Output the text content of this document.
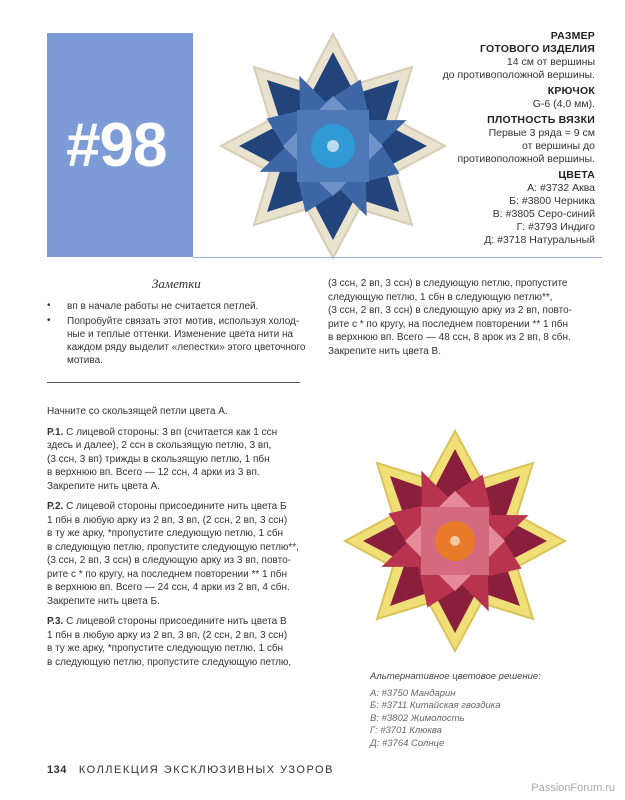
#98
РАЗМЕР
ГОТОВОГО ИЗДЕЛИЯ
14 см от вершины
до противоположной вершины.
КРЮЧОК
G-6 (4,0 мм).
ПЛОТНОСТЬ ВЯЗКИ
Первые 3 ряда = 9 см
от вершины до
противоположной вершины.
ЦВЕТА
А: #3732 Аква
Б: #3800 Черника
В: #3805 Серо-синий
Г: #3793 Индиго
Д: #3718 Натуральный
Заметки
• вп в начале работы не считается петлей.
• Попробуйте связать этот мотив, используя холод-
ные и теплые оттенки. Изменение цвета нити на
каждом ряду выделит «лепестки» этого цветочного
мотива.
(3 ссн, 2 вп, 3 ссн) в следующую петлю, пропустите
следующую петлю, 1 сбн в следующую петлю**,
(3 ссн, 2 вп, 3 ссн) в следующую арку из 2 вп, повто-
рите с * по кругу, на последнем повторении ** 1 пбн
в верхнюю вп. Всего — 48 ссн, 8 арок из 2 вп, 8 сбн.
Закрепите нить цвета В.

Начните со скользящей петли цвета А.

Р.1. С лицевой стороны: 3 вп (считается как 1 ссн
здесь и далее), 2 ссн в скользящую петлю, 3 вп,
(3 ссн, 3 вп) трижды в скользящую петлю, 1 пбн
в верхнюю вп. Всего — 12 ссн, 4 арки из 3 вп.
Закрепите нить цвета А.
Р.2. С лицевой стороны присоедините нить цвета Б
1 пбн в любую арку из 2 вп, 3 вп, (2 ссн, 2 вп, 3 ссн)
в ту же арку, *пропустите следующую петлю, 1 сбн
в следующую петлю, пропустите следующую петлю**,
(3 ссн, 2 вп, 3 ссн) в следующую арку из 3 вп, повто-
рите с * по кругу, на последнем повторении ** 1 пбн
в верхнюю вп. Всего — 24 ссн, 4 арки из 2 вп, 4 сбн.
Закрепите нить цвета Б.
Р.3. С лицевой стороны присоедините нить цвета В
1 пбн в любую арку из 2 вп, 3 вп, (2 ссн, 2 вп, 3 ссн)
в ту же арку, *пропустите следующую петлю, 1 сбн
в следующую петлю, пропустите следующую петлю,
Альтернативное цветовое решение:
А: #3750 Мандарин
Б: #3711 Китайская гвоздика
В: #3802 Жимолость
Г: #3701 Клюква
Д: #3764 Солнце
134 КОЛЛЕКЦИЯ ЭКСКЛЮЗИВНЫХ УЗОРОВ
PassionForum.ru
